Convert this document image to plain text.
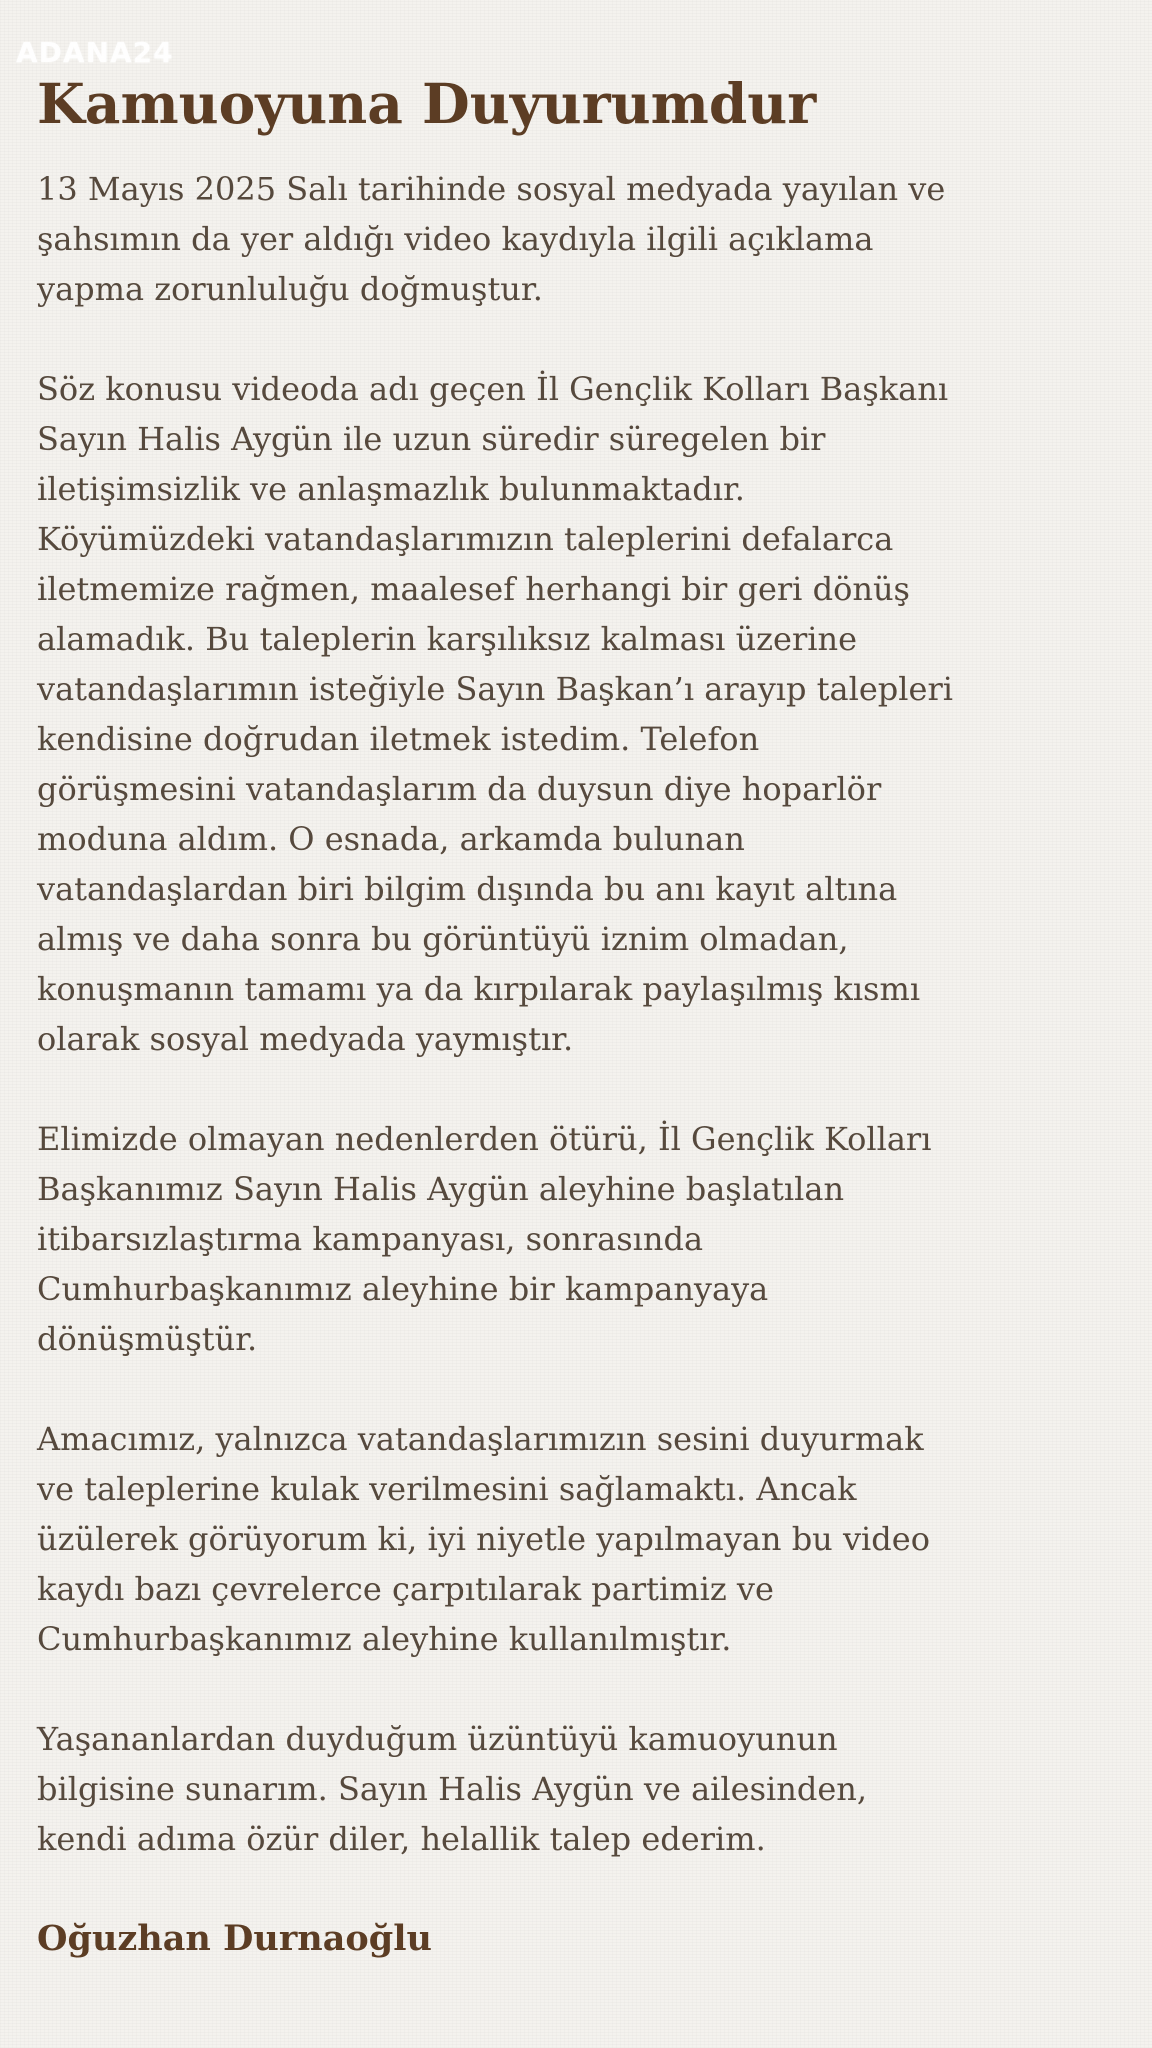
ADANA24
Kamuoyuna Duyurumdur
13 Mayıs 2025 Salı tarihinde sosyal medyada yayılan ve
şahsımın da yer aldığı video kaydıyla ilgili açıklama
yapma zorunluluğu doğmuştur.
Söz konusu videoda adı geçen İl Gençlik Kolları Başkanı
Sayın Halis Aygün ile uzun süredir süregelen bir
iletişimsizlik ve anlaşmazlık bulunmaktadır.
Köyümüzdeki vatandaşlarımızın taleplerini defalarca
iletmemize rağmen, maalesef herhangi bir geri dönüş
alamadık. Bu taleplerin karşılıksız kalması üzerine
vatandaşlarımın isteğiyle Sayın Başkan’ı arayıp talepleri
kendisine doğrudan iletmek istedim. Telefon
görüşmesini vatandaşlarım da duysun diye hoparlör
moduna aldım. O esnada, arkamda bulunan
vatandaşlardan biri bilgim dışında bu anı kayıt altına
almış ve daha sonra bu görüntüyü iznim olmadan,
konuşmanın tamamı ya da kırpılarak paylaşılmış kısmı
olarak sosyal medyada yaymıştır.
Elimizde olmayan nedenlerden ötürü, İl Gençlik Kolları
Başkanımız Sayın Halis Aygün aleyhine başlatılan
itibarsızlaştırma kampanyası, sonrasında
Cumhurbaşkanımız aleyhine bir kampanyaya
dönüşmüştür.
Amacımız, yalnızca vatandaşlarımızın sesini duyurmak
ve taleplerine kulak verilmesini sağlamaktı. Ancak
üzülerek görüyorum ki, iyi niyetle yapılmayan bu video
kaydı bazı çevrelerce çarpıtılarak partimiz ve
Cumhurbaşkanımız aleyhine kullanılmıştır.
Yaşananlardan duyduğum üzüntüyü kamuoyunun
bilgisine sunarım. Sayın Halis Aygün ve ailesinden,
kendi adıma özür diler, helallik talep ederim.

Oğuzhan Durnaoğlu
